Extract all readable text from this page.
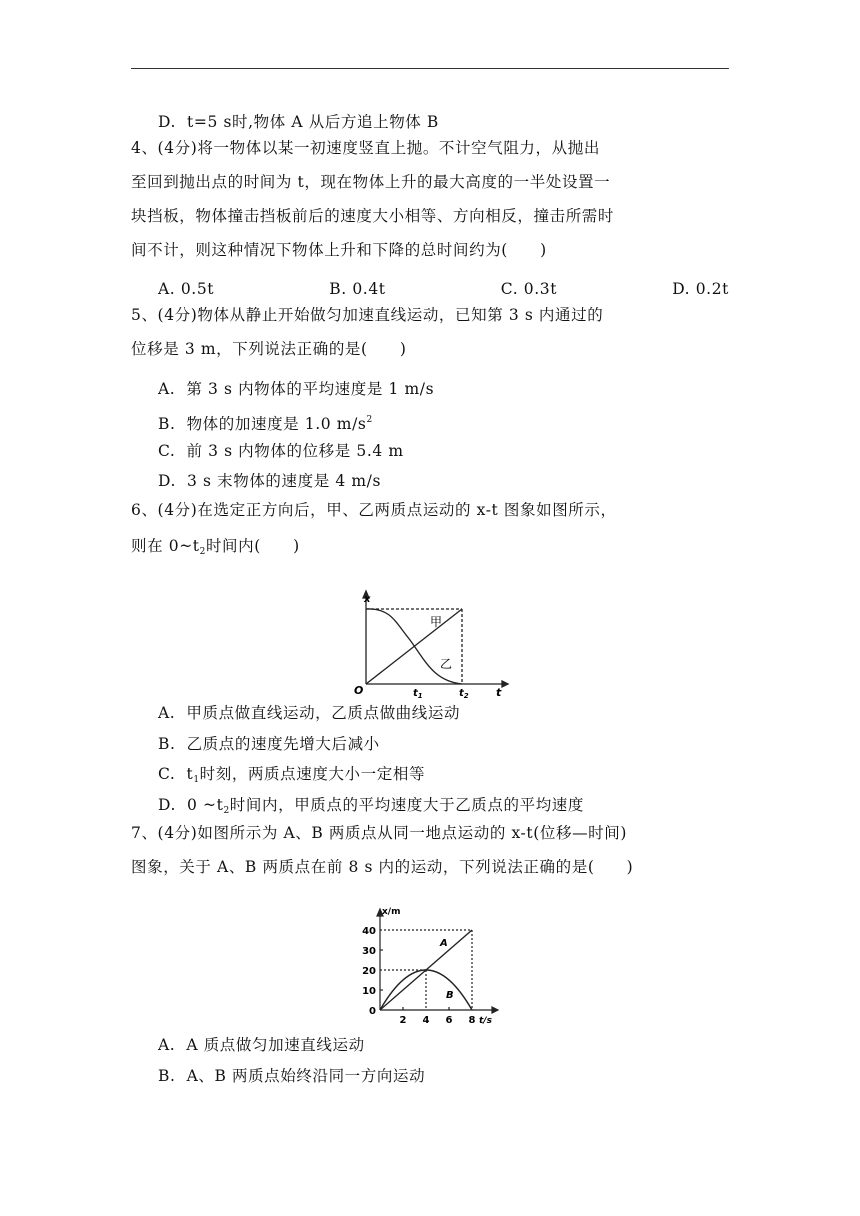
D.  t=5 s时,物体 A 从后方追上物体 B
4、(4分)将一物体以某一初速度竖直上抛。不计空气阻力，从抛出
至回到抛出点的时间为 t，现在物体上升的最大高度的一半处设置一
块挡板，物体撞击挡板前后的速度大小相等、方向相反，撞击所需时
间不计，则这种情况下物体上升和下降的总时间约为(　　)
A. 0.5t	B. 0.4t	C. 0.3t	D. 0.2t
5、(4分)物体从静止开始做匀加速直线运动，已知第 3 s 内通过的
位移是 3 m，下列说法正确的是(　　)
A.  第 3 s 内物体的平均速度是 1 m/s
B.  物体的加速度是 1.0 $m/s^2$
C.  前 3 s 内物体的位移是 5.4 m
D.  3 s 末物体的速度是 4 m/s
6、(4分)在选定正方向后，甲、乙两质点运动的 x-t 图象如图所示，
则在 $0\sim t_2$时间内(　　)
x
t
O
甲
乙
$t_1$	$t_2$
A.  甲质点做直线运动，乙质点做曲线运动
B.  乙质点的速度先增大后减小
C.  $t_1$时刻，两质点速度大小一定相等
D.  0 $\sim t_2$时间内，甲质点的平均速度大于乙质点的平均速度
7、(4分)如图所示为 A、B 两质点从同一地点运动的 x-t(位移—时间)
图象，关于 A、B 两质点在前 8 s 内的运动，下列说法正确的是(　　)
x/m
t/s
0
10
20
30
40
2 4 6 8
A
B
A.  A 质点做匀加速直线运动
B.  A、B 两质点始终沿同一方向运动
